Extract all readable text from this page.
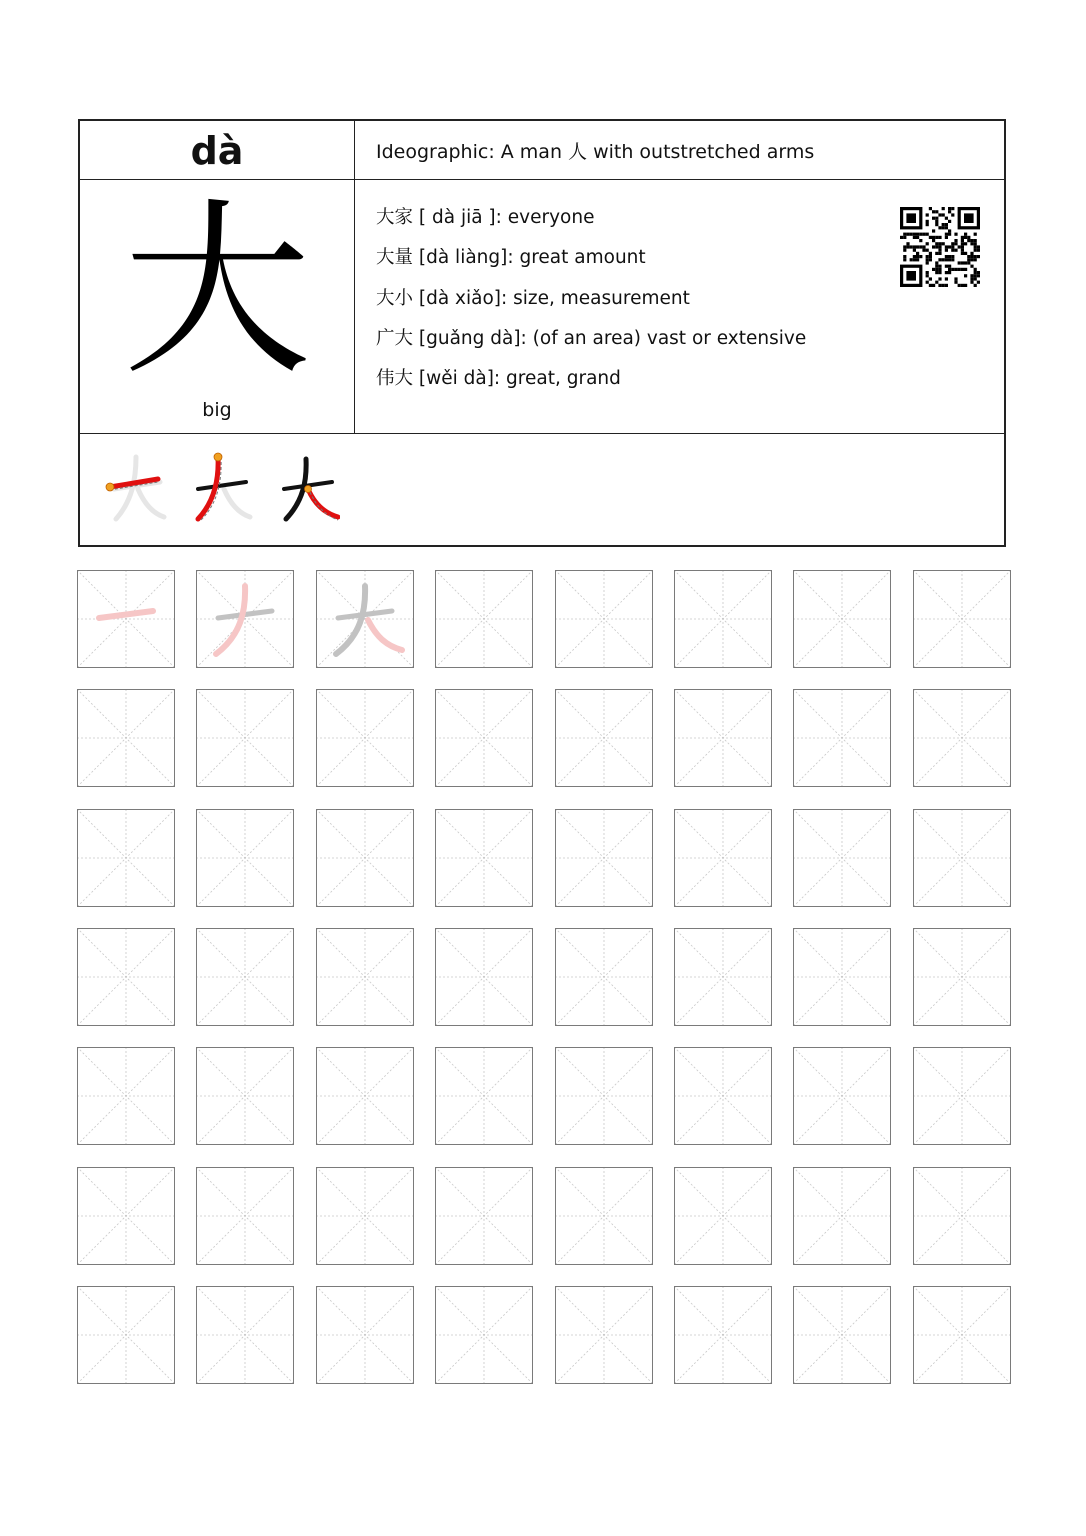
dà	Ideographic: A man 人 with outstretched arms
大
big
大家 [ dà jiā ]: everyone
大量 [dà liàng]: great amount
大小 [dà xiǎo]: size, measurement
广大 [guǎng dà]: (of an area) vast or extensive
伟大 [wěi dà]: great, grand
